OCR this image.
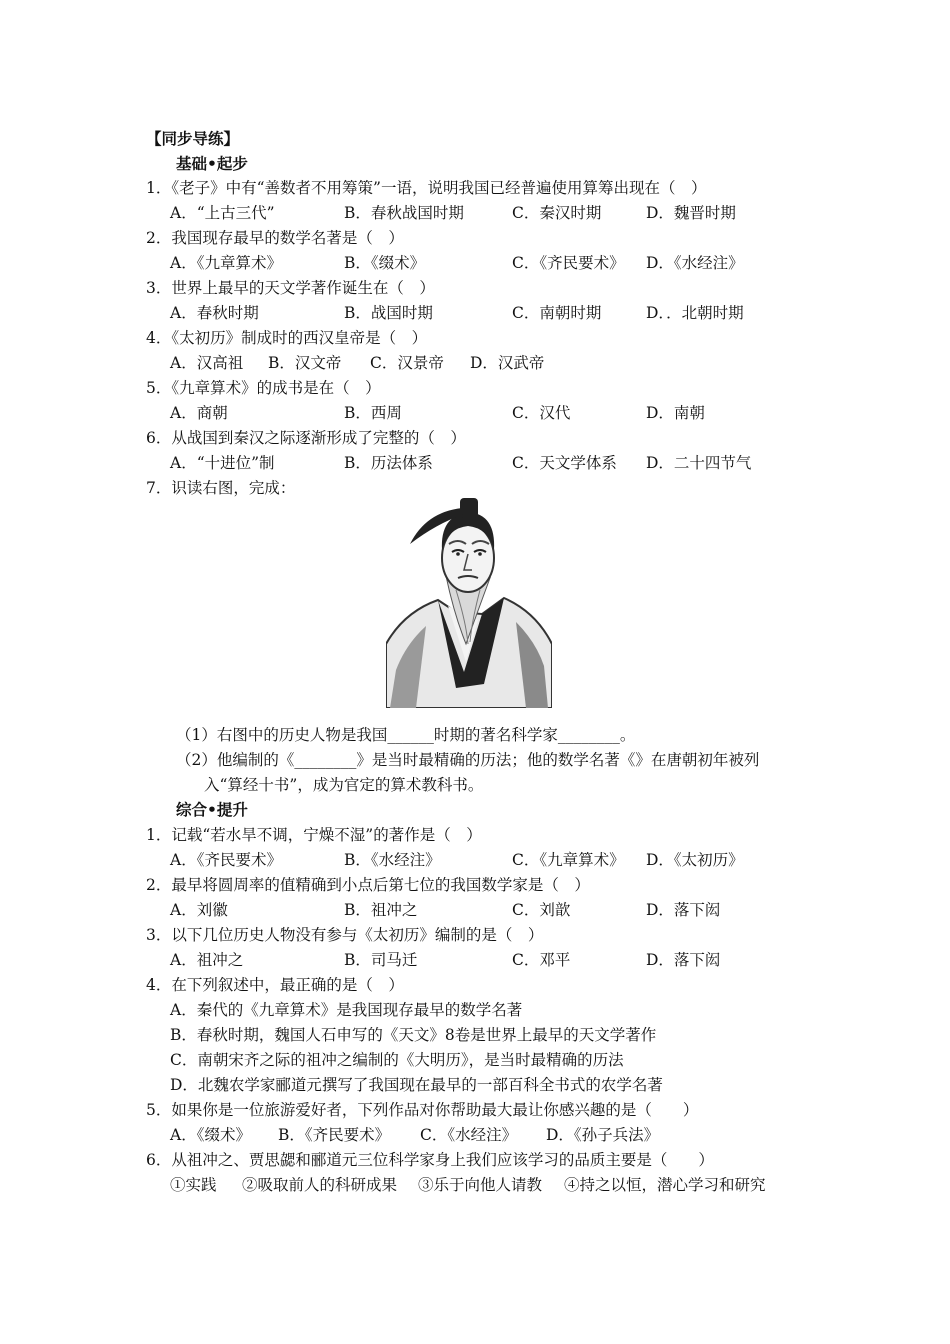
【同步导练】
基础•起步
1．《老子》中有“善数者不用筹策”一语，说明我国已经普遍使用算筹出现在（　）
A．“上古三代”	B．春秋战国时期	C．秦汉时期	D．魏晋时期
2．我国现存最早的数学名著是（　）
A．《九章算术》	B．《缀术》	C．《齐民要术》 D．《水经注》
3．世界上最早的天文学著作诞生在（　）
A．春秋时期	B．战国时期	C．南朝时期	D．．北朝时期
4．《太初历》制成时的西汉皇帝是（　）
A．汉高祖 B．汉文帝 C．汉景帝 D．汉武帝
5．《九章算术》的成书是在（　）
A．商朝	B．西周	C．汉代	D．南朝
6．从战国到秦汉之际逐渐形成了完整的（　）
A．“十进位”制	B．历法体系	C．天文学体系 D．二十四节气
7．识读右图，完成：
（1）右图中的历史人物是我国______时期的著名科学家________。
（2）他编制的《________》是当时最精确的历法；他的数学名著《》在唐朝初年被列
入“算经十书”，成为官定的算术教科书。
综合•提升
1．记载“若水旱不调，宁燥不湿”的著作是（　）
A．《齐民要术》	B．《水经注》	C．《九章算术》 D．《太初历》
2．最早将圆周率的值精确到小点后第七位的我国数学家是（　）
A．刘徽	B．祖冲之	C．刘歆	D．落下闳
3．以下几位历史人物没有参与《太初历》编制的是（　）
A．祖冲之	B．司马迁	C．邓平	D．落下闳
4．在下列叙述中，最正确的是（　）
A．秦代的《九章算术》是我国现存最早的数学名著
B．春秋时期，魏国人石申写的《天文》8卷是世界上最早的天文学著作
C．南朝宋齐之际的祖冲之编制的《大明历》，是当时最精确的历法
D．北魏农学家郦道元撰写了我国现在最早的一部百科全书式的农学名著
5．如果你是一位旅游爱好者，下列作品对你帮助最大最让你感兴趣的是（　　）
A．《缀术》 B．《齐民要术》 C．《水经注》 D．《孙子兵法》
6．从祖冲之、贾思勰和郦道元三位科学家身上我们应该学习的品质主要是（　　）
①实践 ②吸取前人的科研成果 ③乐于向他人请教 ④持之以恒，潜心学习和研究
